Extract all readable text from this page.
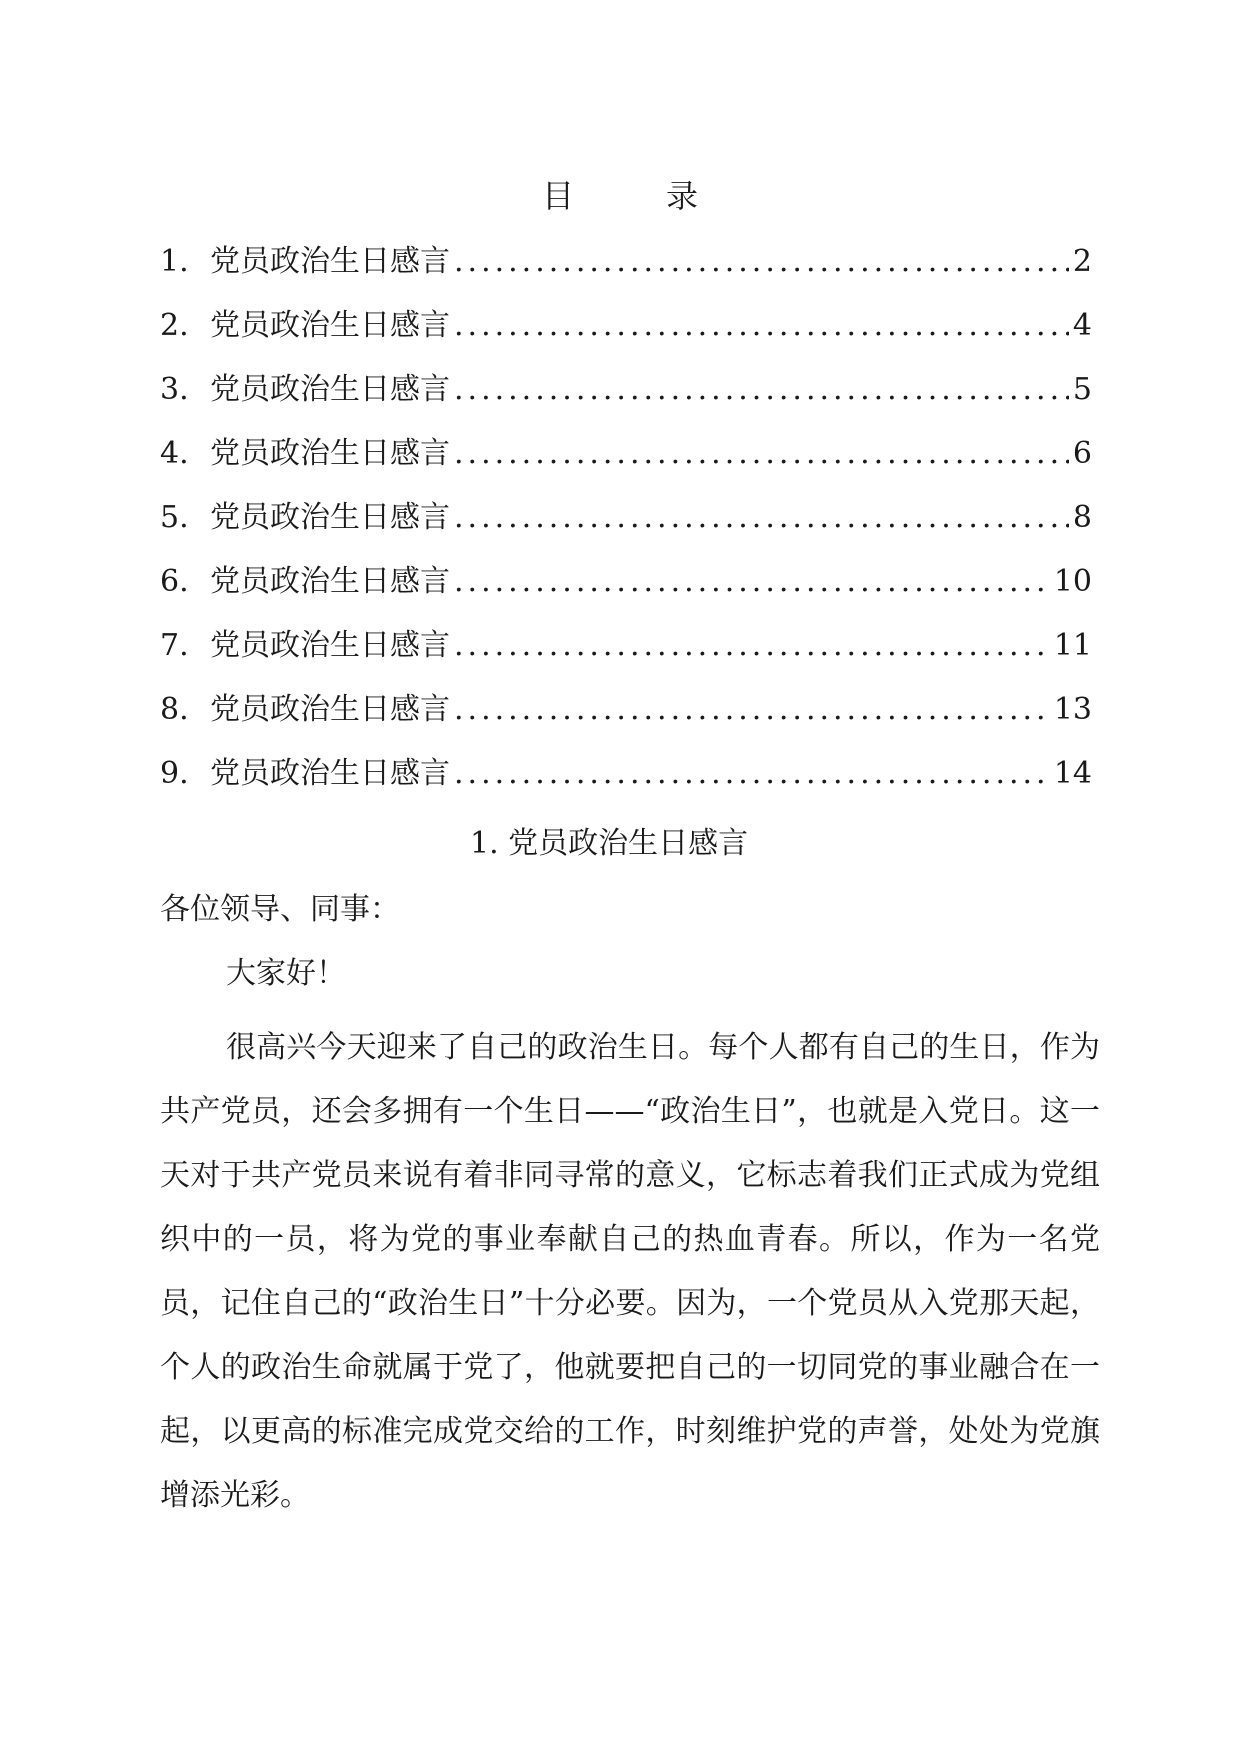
目　录
1. 党员政治生日感言 .....	2
2. 党员政治生日感言 .....	4
3. 党员政治生日感言 .....	5
4. 党员政治生日感言 .....	6
5. 党员政治生日感言 .....	8
6. 党员政治生日感言 .....	10
7. 党员政治生日感言 .....	11
8. 党员政治生日感言 .....	13
9. 党员政治生日感言 .....	14
1. 党员政治生日感言
各位领导、同事：
大家好！

很高兴今天迎来了自己的政治生日。每个人都有自己的生日，作为共产党员，还会多拥有一个生日——“政治生日”，也就是入党日。这一天对于共产党员来说有着非同寻常的意义，它标志着我们正式成为党组织中的一员，将为党的事业奉献自己的热血青春。所以，作为一名党员，记住自己的“政治生日”十分必要。因为，一个党员从入党那天起，个人的政治生命就属于党了，他就要把自己的一切同党的事业融合在一起，以更高的标准完成党交给的工作，时刻维护党的声誉，处处为党旗增添光彩。
